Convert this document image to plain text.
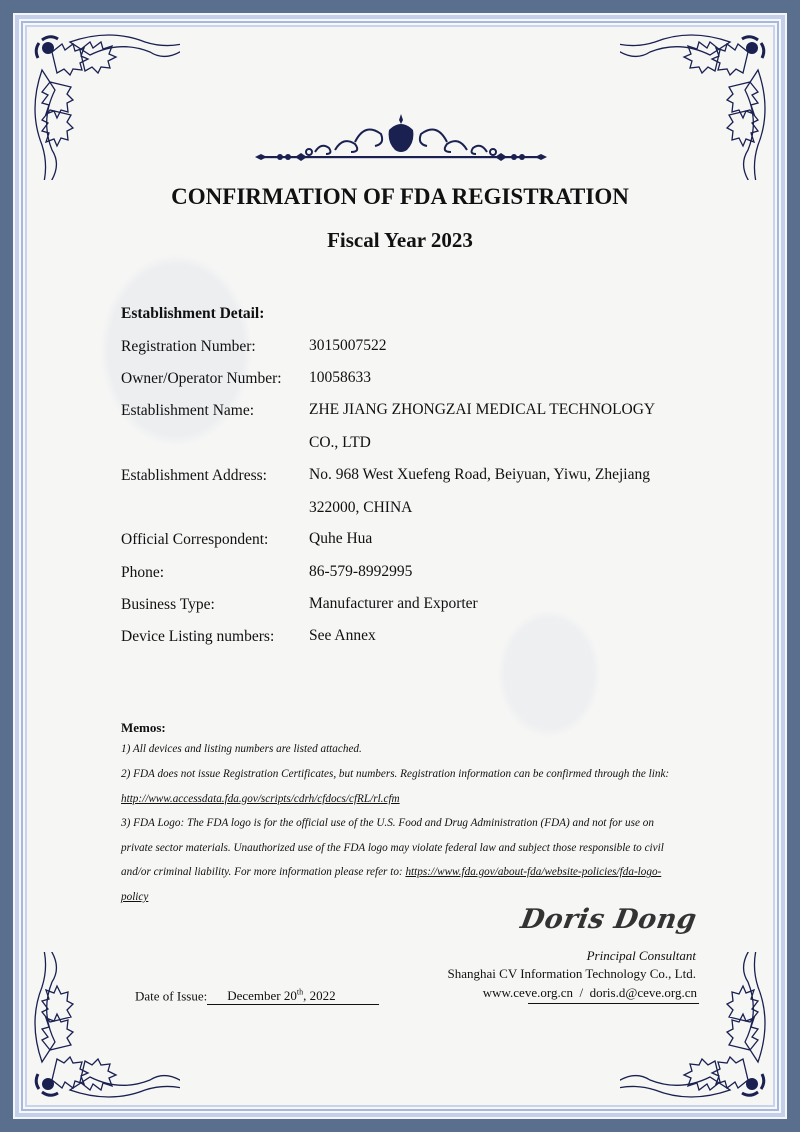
CONFIRMATION OF FDA REGISTRATION
Fiscal Year 2023
Establishment Detail:
Registration Number:	3015007522
Owner/Operator Number: 10058633
Establishment Name:	ZHE JIANG ZHONGZAI MEDICAL TECHNOLOGY CO., LTD
Establishment Address:	No. 968 West Xuefeng Road, Beiyuan, Yiwu, Zhejiang 322000, CHINA
Official Correspondent:	Quhe Hua
Phone:	86-579-8992995
Business Type:	Manufacturer and Exporter
Device Listing numbers: See Annex
Memos:
1) All devices and listing numbers are listed attached.
2) FDA does not issue Registration Certificates, but numbers. Registration information can be confirmed through the link: http://www.accessdata.fda.gov/scripts/cdrh/cfdocs/cfRL/rl.cfm
3) FDA Logo: The FDA logo is for the official use of the U.S. Food and Drug Administration (FDA) and not for use on private sector materials. Unauthorized use of the FDA logo may violate federal law and subject those responsible to civil and/or criminal liability. For more information please refer to: https://www.fda.gov/about-fda/website-policies/fda-logo-policy
Doris Dong
Principal Consultant
Shanghai CV Information Technology Co., Ltd.
www.ceve.org.cn / doris.d@ceve.org.cn
Date of Issue: December 20th, 2022
